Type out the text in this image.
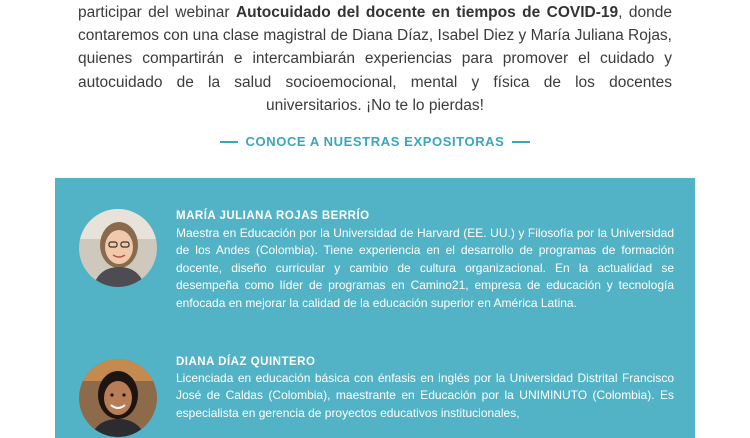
participar del webinar Autocuidado del docente en tiempos de COVID-19, donde contaremos con una clase magistral de Diana Díaz, Isabel Diez y María Juliana Rojas, quienes compartirán e intercambiarán experiencias para promover el cuidado y autocuidado de la salud socioemocional, mental y física de los docentes universitarios. ¡No te lo pierdas!
CONOCE A NUESTRAS EXPOSITORAS
MARÍA JULIANA ROJAS BERRÍO
Maestra en Educación por la Universidad de Harvard (EE. UU.) y Filosofía por la Universidad de los Andes (Colombia). Tiene experiencia en el desarrollo de programas de formación docente, diseño curricular y cambio de cultura organizacional. En la actualidad se desempeña como líder de programas en Camino21, empresa de educación y tecnología enfocada en mejorar la calidad de la educación superior en América Latina.
DIANA DÍAZ QUINTERO
Licenciada en educación básica con énfasis en inglés por la Universidad Distrital Francisco José de Caldas (Colombia), maestrante en Educación por la UNIMINUTO (Colombia). Es especialista en gerencia de proyectos educativos institucionales,
